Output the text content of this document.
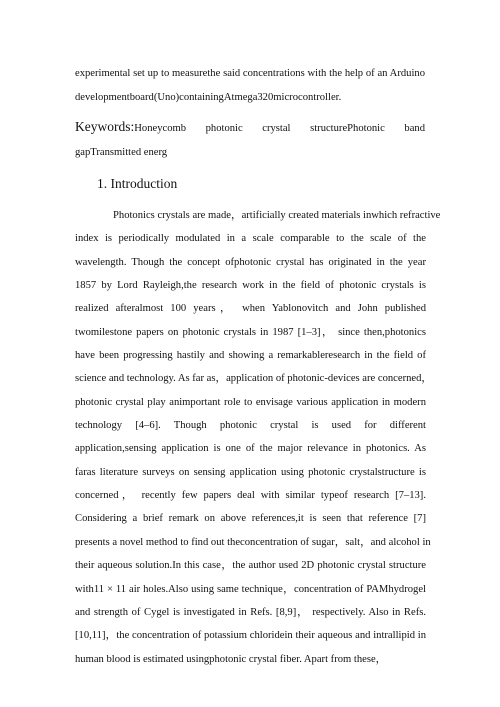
experimental set up to measurethe said concentrations with the help of an Arduino

developmentboard(Uno)containingAtmega320microcontroller.

Keywords:Honeycomb photonic crystal structurePhotonic band
gapTransmitted energ
1. Introduction
Photonics crystals are made，artificially created materials inwhich refractive
index is periodically modulated in a scale comparable to the scale of the
wavelength. Though the concept ofphotonic crystal has originated in the year
1857 by Lord Rayleigh,the research work in the field of photonic crystals is
realized afteralmost 100 years， when Yablonovitch and John published
twomilestone papers on photonic crystals in 1987 [1–3]， since then,photonics
have been progressing hastily and showing a remarkableresearch in the field of
science and technology. As far as，application of photonic-devices are concerned，
photonic crystal play animportant role to envisage various application in modern
technology [4–6]. Though photonic crystal is used for different
application,sensing application is one of the major relevance in photonics. As
faras literature surveys on sensing application using photonic crystalstructure is
concerned， recently few papers deal with similar typeof research [7–13].
Considering a brief remark on above references,it is seen that reference [7]
presents a novel method to find out theconcentration of sugar，salt，and alcohol in
their aqueous solution.In this case，the author used 2D photonic crystal structure
with11 × 11 air holes.Also using same technique，concentration of PAMhydrogel
and strength of Cygel is investigated in Refs. [8,9]， respectively. Also in Refs.
[10,11]，the concentration of potassium chloridein their aqueous and intrallipid in
human blood is estimated usingphotonic crystal fiber. Apart from these，
